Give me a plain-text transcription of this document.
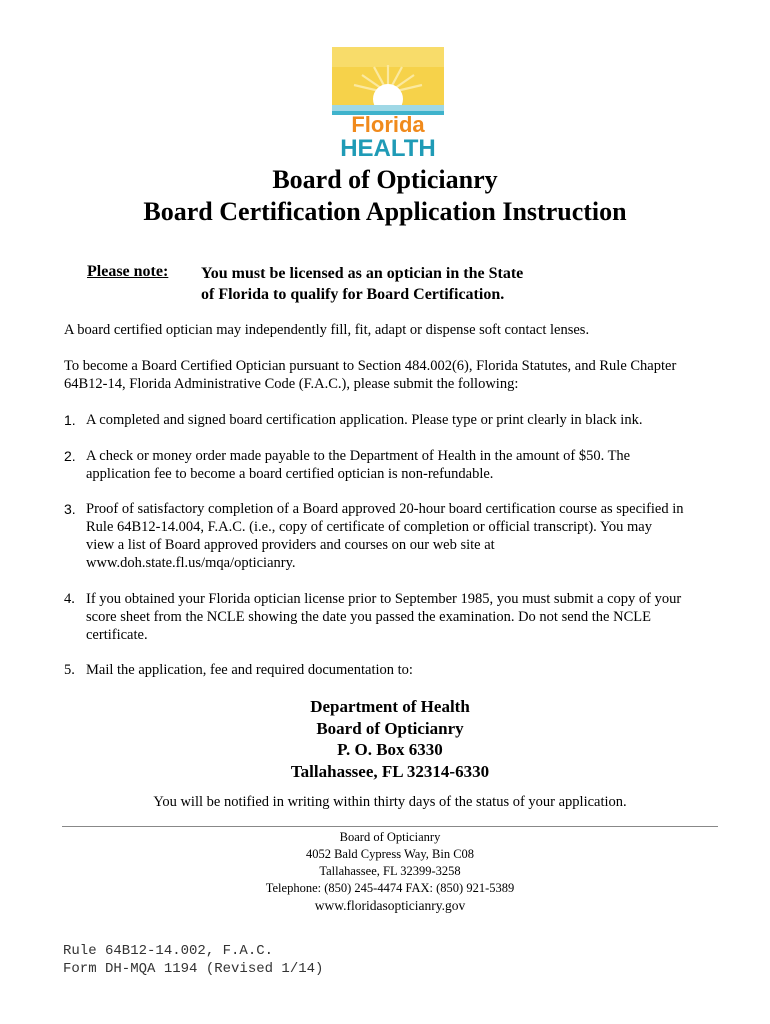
Florida
HEALTH
Board of Opticianry
Board Certification Application Instruction
Please note: You must be licensed as an optician in the State
of Florida to qualify for Board Certification.
A board certified optician may independently fill, fit, adapt or dispense soft contact lenses.
To become a Board Certified Optician pursuant to Section 484.002(6), Florida Statutes, and Rule Chapter
64B12-14, Florida Administrative Code (F.A.C.), please submit the following:
1. A completed and signed board certification application. Please type or print clearly in black ink.
2. A check or money order made payable to the Department of Health in the amount of $50. The
application fee to become a board certified optician is non-refundable.
3. Proof of satisfactory completion of a Board approved 20-hour board certification course as specified in
Rule 64B12-14.004, F.A.C. (i.e., copy of certificate of completion or official transcript). You may
view a list of Board approved providers and courses on our web site at
www.doh.state.fl.us/mqa/opticianry.
4. If you obtained your Florida optician license prior to September 1985, you must submit a copy of your
score sheet from the NCLE showing the date you passed the examination. Do not send the NCLE
certificate.
5. Mail the application, fee and required documentation to:
Department of Health
Board of Opticianry
P. O. Box 6330
Tallahassee, FL 32314-6330
You will be notified in writing within thirty days of the status of your application.
Board of Opticianry
4052 Bald Cypress Way, Bin C08
Tallahassee, FL 32399-3258
Telephone: (850) 245-4474 FAX: (850) 921-5389
www.floridasopticianry.gov
Rule 64B12-14.002, F.A.C.
Form DH-MQA 1194 (Revised 1/14)
